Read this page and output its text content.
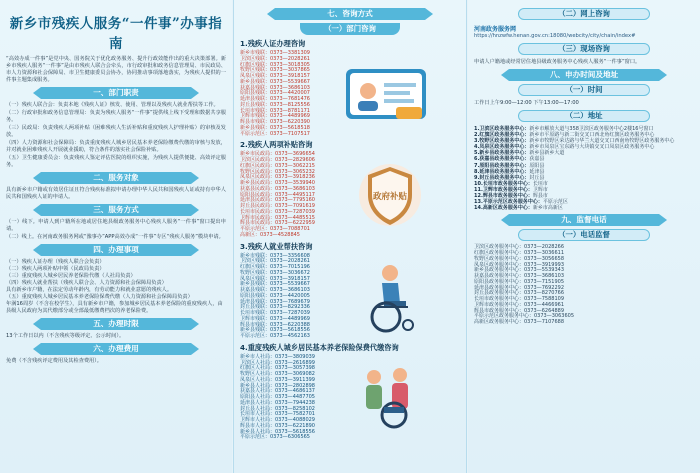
新乡市残疾人服务“一件事”办事指南
“高效办成一件事”是党中央、国务院关于优化政务服务、提升行政效能作出的重大决策部署。新乡市残疾人服务“一件事”是由市残疾人联合会牵头，市行政审批和政务信息管理局、市民政局、市人力资源和社会保障局、市卫生健康委员会协办，协同推动事项落地落实，为残疾人提供的一件事主题集成服务。
一、部门职责
（一）残疾人联合会：负责本地《残疾人证》核发、使用、管理以及残疾人就业帮扶等工作。
（二）行政审批和政务信息管理局：负责为残疾人服务“一件事”提供线上线下受理和数据共享服务。
（三）民政局：负责残疾人两项补贴（困难残疾人生活补贴和重度残疾人护理补贴）的审核及发放。
（四）人力资源和社会保障局：负责重度残疾人城乡居民基本养老保险缴费代缴的审核与发放，并对就业困难残疾人开展就业援助，符合条件的落实社会保险补贴。
（五）卫生健康委员会：负责残疾人鉴定评估医院的组织实施，为残疾人提供便捷、高效评定服务。
二、服务对象
具有新乡市户籍或有效居住证且符合残疾标准拟申请办理中华人民共和国残疾人证或持有中华人民共和国残疾人证的申请人。
三、服务方式
（一）线下。申请人到户籍所在地或居住地县级政务服务中心残疾人服务“一件事”窗口提出申请。
（二）线上。在河南政务服务网或“豫事办”APP高效办成“一件事”专区“残疾人服务”模块申请。
四、办理事项
（一）残疾人证办理（残疾人联合会负责）
（二）残疾人两项补贴申领（民政局负责）
（三）重度残疾人城乡居民养老保险代缴（人社局负责）
（四）残疾人就业帮扶（残疾人联合会、人力资源和社会保障局负责）
具有新乡市户籍，在法定劳动年龄内，有劳动能力和就业意愿的残疾人。
（五）重度残疾人城乡居民基本养老保险保费代缴（人力资源和社会保障局负责）
年满16周岁（不含在校学生），具有新乡市户籍，参加城乡居民基本养老保险的重度残疾人，由县级人民政府为其代缴部分或全部最低缴费档次的养老保险费。
五、办理时限
13个工作日以内（不含残疾等级评定、公示时间）。
六、办理费用
免费（不含残疾评定费用及其检查费用）。
七、咨询方式
（一）部门咨询
1.残疾人证办理咨询
新乡市残联：0373—3381309
卫滨区残联：0373—2028261
红旗区残联：0373—3018305
牧野区残联：0373—3037865
凤泉区残联：0373—3918157
新乡县残联：0373—5539667
获嘉县残联：0373—3686103
原阳县残联：0373—4420007
延津县残联：0373—7681476
封丘县残联：0373—8125556
长垣市残联：0373—8781171
卫辉市残联：0373—4489969
辉县市残联：0373—6220390
新乡县残联：0373—5618518
平原示范区：0373—7107517
2.残疾人两项补贴咨询
新乡市民政局：0373—3696654
卫滨区民政局：0373—2829606
红旗区民政局：0373—3062215
牧野区民政局：0373—3065232
凤泉区民政局：0373—3918236
新乡县民政局：0373—3539940
获嘉县民政局：0373—3686103
原阳县民政局：0373—4495117
延津县民政局：0373—7795160
封丘县民政局：0373—7091619
长垣市民政局：0373—7287039
卫辉市民政局：0373—4485515
辉县市民政局：0373—6222959
平原示范区：0373—7088701
高新区：0373—4528845
政府补贴
3.残疾人就业帮扶咨询
新乡市残联：0373—3356608
卫滨区残联：0373—2028261
红旗区残联：0373—7015196
牧野区残联：0373—3036672
凤泉区残联：0373—3918157
新乡县残联：0373—5539667
获嘉县残联：0373—3686103
原阳县残联：0373—4420005
延津县残联：0373—7689679
封丘县残联：0373—8292336
长垣市残联：0373—7287039
卫辉市残联：0373—4489969
辉县市残联：0373—6220388
新乡县残联：0373—5618556
平原示范区：0373—4562163
4.重度残疾人城乡居民基本养老保险保费代缴咨询
新乡市人社局：0373—3809039
卫滨区人社局：0373—2616899
红旗区人社局：0373—3057398
牧野区人社局：0373—3069082
凤泉区人社局：0373—3911399
新乡县人社局：0373—2802898
获嘉县人社局：0373—4686137
原阳县人社局：0373—4487705
延津县人社局：0373—7944238
封丘县人社局：0373—8258102
长垣市人社局：0373—7582701
卫辉市人社局：0373—4088029
辉县市人社局：0373—6221890
新乡县人社局：0373—5618556
平原示范区：0373—6306565
（二）网上咨询
河南政务服务网
https://hnzwfw.henan.gov.cn:18080/webcity/city/chain/index#
（三）现场咨询
申请人户籍地或经常居住地县级政务服务中心残疾人服务“一件事”窗口。
八、申办时间及地址
（一）时间
工作日上午9:00—12:00 下午13:00—17:00
（二）地址
1.卫滨区政务服务中心：新乡市解放大道与358卫滨区政务服务中心2楼16号窗口
2.红旗区政务服务中心：新乡市平原路与新二街交叉口西北角红旗区政务服务中心
3.牧野区政务服务中心：新乡市牧野区荣达路与华兰大道交叉口西南角牧野区政务服务中心
4.凤泉区政务服务中心：新乡市凤泉区宝东路与大块镇交叉口凤泉区政务服务中心
5.新乡县政务服务中心：新乡县新乡大道
6.获嘉县政务服务中心：获嘉县
7.原阳县政务服务中心：原阳县
8.延津县政务服务中心：延津县
9.封丘县政务服务中心：封丘县
10.长垣市政务服务中心：长垣市
11.卫辉市政务服务中心：卫辉市
12.辉县市政务服务中心：辉县市
13.平原示范区政务服务中心：平原示范区
14.高新区政务服务中心：新乡市高新区
九、监督电话
（一）电话监督
卫滨区政务服务中心：0373—2028266
红旗区政务服务中心：0373—3036611
牧野区政务服务中心：0373—3056658
凤泉区政务服务中心：0373—3919993
新乡县政务服务中心：0373—5539343
获嘉县政务服务中心：0373—3686103
原阳县政务服务中心：0373—7151905
延津县政务服务中心：0373—7692292
封丘县政务服务中心：0373—8270766
长垣市政务服务中心：0373—7588109
卫辉市政务服务中心：0373—4466961
辉县市政务服务中心：0373—6264889
平原示范区政务服务中心：0373—3063605
高新区政务服务中心：0373—7107688
